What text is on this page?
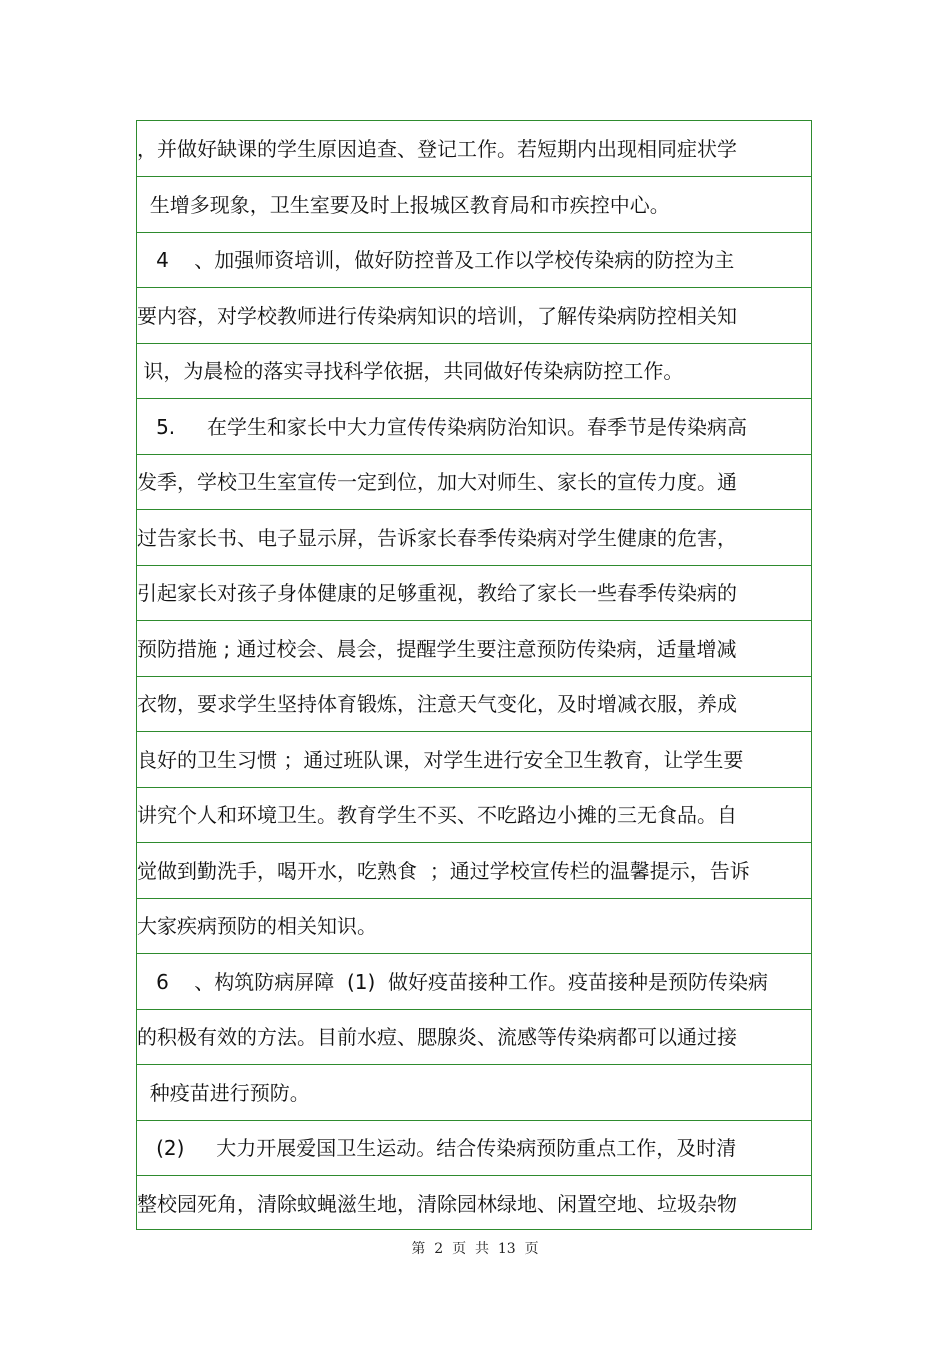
，并做好缺课的学生原因追查、登记工作。若短期内出现相同症状学
生增多现象，卫生室要及时上报城区教育局和市疾控中心。
4    、加强师资培训，做好防控普及工作以学校传染病的防控为主
要内容，对学校教师进行传染病知识的培训，了解传染病防控相关知
识，为晨检的落实寻找科学依据，共同做好传染病防控工作。
5.     在学生和家长中大力宣传传染病防治知识。春季节是传染病高
发季，学校卫生室宣传一定到位，加大对师生、家长的宣传力度。通
过告家长书、电子显示屏，告诉家长春季传染病对学生健康的危害，
引起家长对孩子身体健康的足够重视，教给了家长一些春季传染病的
预防措施 ; 通过校会、晨会，提醒学生要注意预防传染病，适量增减
衣物，要求学生坚持体育锻炼，注意天气变化，及时增减衣服，养成
良好的卫生习惯 ；通过班队课，对学生进行安全卫生教育，让学生要
讲究个人和环境卫生。教育学生不买、不吃路边小摊的三无食品。自
觉做到勤洗手，喝开水，吃熟食  ；通过学校宣传栏的温馨提示，告诉
大家疾病预防的相关知识。
6    、构筑防病屏障  (1)  做好疫苗接种工作。疫苗接种是预防传染病
的积极有效的方法。目前水痘、腮腺炎、流感等传染病都可以通过接
种疫苗进行预防。
(2)     大力开展爱国卫生运动。结合传染病预防重点工作，及时清
整校园死角，清除蚊蝇滋生地，清除园林绿地、闲置空地、垃圾杂物
第  2  页  共  13  页
